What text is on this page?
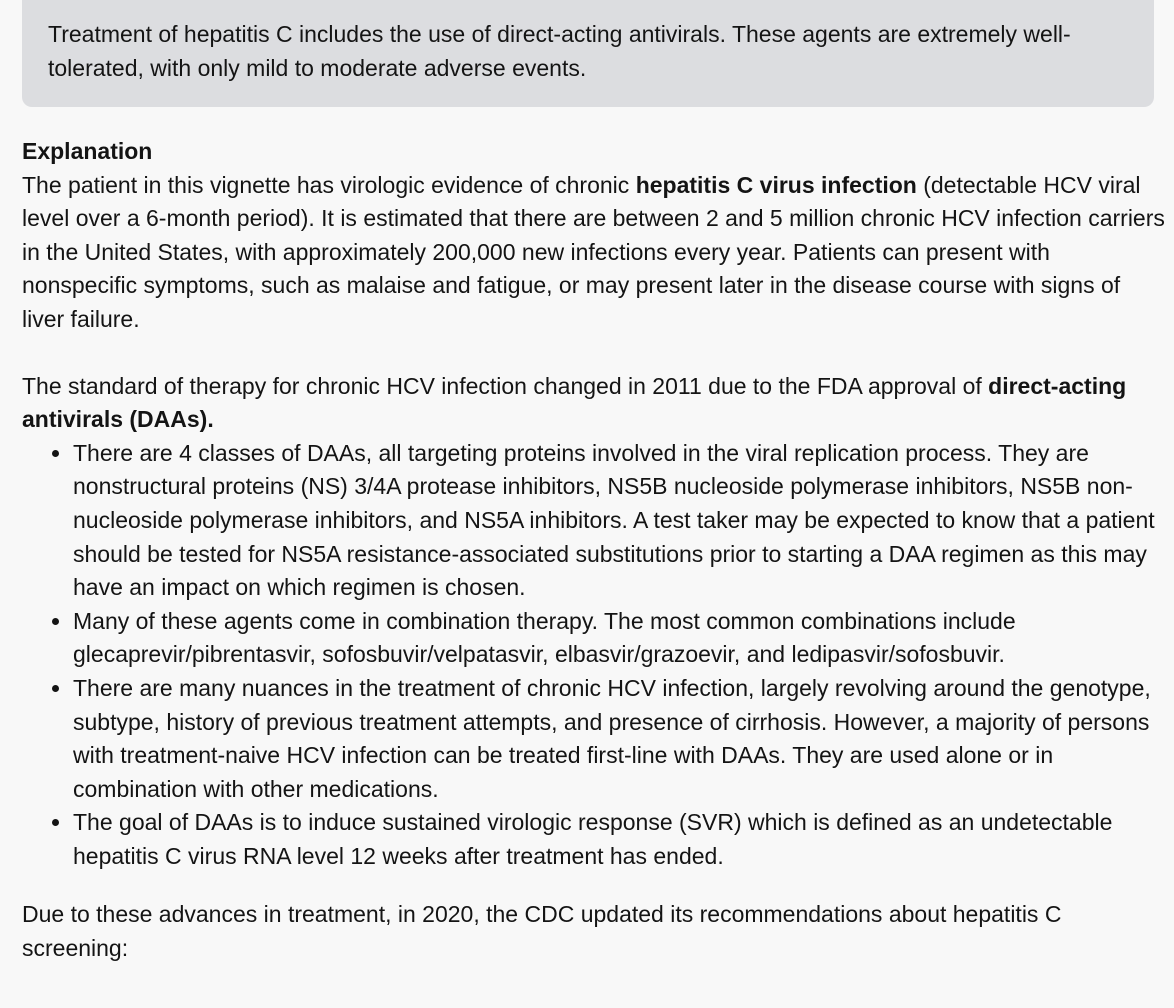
Treatment of hepatitis C includes the use of direct-acting antivirals. These agents are extremely well-tolerated, with only mild to moderate adverse events.

Explanation

The patient in this vignette has virologic evidence of chronic hepatitis C virus infection (detectable HCV viral level over a 6-month period). It is estimated that there are between 2 and 5 million chronic HCV infection carriers in the United States, with approximately 200,000 new infections every year. Patients can present with nonspecific symptoms, such as malaise and fatigue, or may present later in the disease course with signs of liver failure.

The standard of therapy for chronic HCV infection changed in 2011 due to the FDA approval of direct-acting antivirals (DAAs).

• There are 4 classes of DAAs, all targeting proteins involved in the viral replication process. They are nonstructural proteins (NS) 3/4A protease inhibitors, NS5B nucleoside polymerase inhibitors, NS5B non-nucleoside polymerase inhibitors, and NS5A inhibitors. A test taker may be expected to know that a patient should be tested for NS5A resistance-associated substitutions prior to starting a DAA regimen as this may have an impact on which regimen is chosen.
• Many of these agents come in combination therapy. The most common combinations include glecaprevir/pibrentasvir, sofosbuvir/velpatasvir, elbasvir/grazoevir, and ledipasvir/sofosbuvir.
• There are many nuances in the treatment of chronic HCV infection, largely revolving around the genotype, subtype, history of previous treatment attempts, and presence of cirrhosis. However, a majority of persons with treatment-naive HCV infection can be treated first-line with DAAs. They are used alone or in combination with other medications.
• The goal of DAAs is to induce sustained virologic response (SVR) which is defined as an undetectable hepatitis C virus RNA level 12 weeks after treatment has ended.

Due to these advances in treatment, in 2020, the CDC updated its recommendations about hepatitis C screening:
